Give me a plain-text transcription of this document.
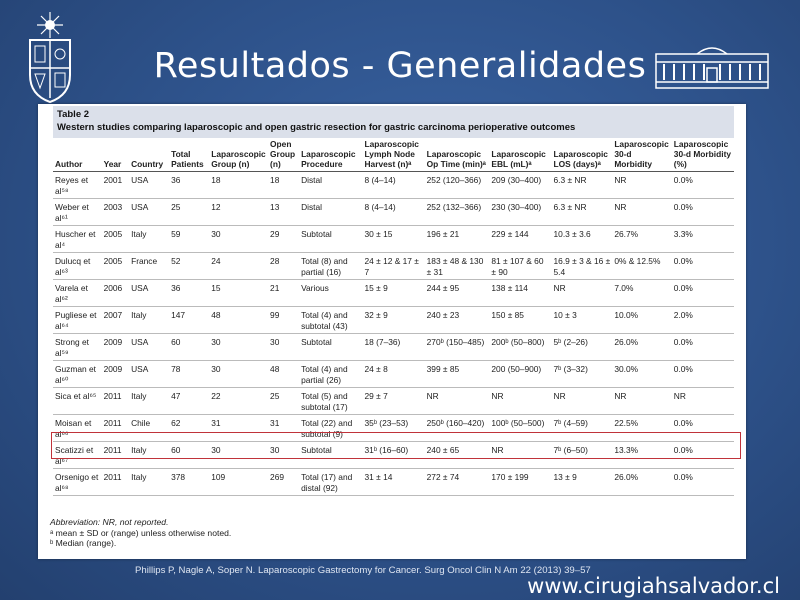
Resultados - Generalidades
Table 2
Western studies comparing laparoscopic and open gastric resection for gastric carcinoma perioperative outcomes
Author	Year	Country	Total Patients	Laparoscopic Group (n)	Open Group (n)	Laparoscopic Procedure	Laparoscopic Lymph Node Harvest (n)ᵃ	Laparoscopic Op Time (min)ᵃ	Laparoscopic EBL (mL)ᵃ	Laparoscopic LOS (days)ᵃ	Laparoscopic 30-d Morbidity	Laparoscopic 30-d Morbidity (%)
Reyes et al⁵⁸	2001	USA	36	18	18	Distal	8 (4–14)	252 (120–366)	209 (30–400)	6.3 ± NR	NR	0.0%
Weber et al⁶¹	2003	USA	25	12	13	Distal	8 (4–14)	252 (132–366)	230 (30–400)	6.3 ± NR	NR	0.0%
Huscher et al⁴	2005	Italy	59	30	29	Subtotal	30 ± 15	196 ± 21	229 ± 144	10.3 ± 3.6	26.7%	3.3%
Dulucq et al⁶³	2005	France	52	24	28	Total (8) and partial (16)	24 ± 12 & 17 ± 7	183 ± 48 & 130 ± 31	81 ± 107 & 60 ± 90	16.9 ± 3 & 16 ± 5.4	0% & 12.5%	0.0%
Varela et al⁶²	2006	USA	36	15	21	Various	15 ± 9	244 ± 95	138 ± 114	NR	7.0%	0.0%
Pugliese et al⁶⁴	2007	Italy	147	48	99	Total (4) and subtotal (43)	32 ± 9	240 ± 23	150 ± 85	10 ± 3	10.0%	2.0%
Strong et al⁵⁹	2009	USA	60	30	30	Subtotal	18 (7–36)	270ᵇ (150–485)	200ᵇ (50–800)	5ᵇ (2–26)	26.0%	0.0%
Guzman et al⁶⁰	2009	USA	78	30	48	Total (4) and partial (26)	24 ± 8	399 ± 85	200 (50–900)	7ᵇ (3–32)	30.0%	0.0%
Sica et al⁶⁵	2011	Italy	47	22	25	Total (5) and subtotal (17)	29 ± 7	NR	NR	NR	NR	NR
Moisan et al⁶⁶	2011	Chile	62	31	31	Total (22) and subtotal (9)	35ᵇ (23–53)	250ᵇ (160–420)	100ᵇ (50–500)	7ᵇ (4–59)	22.5%	0.0%
Scatizzi et al⁶⁷	2011	Italy	60	30	30	Subtotal	31ᵇ (16–60)	240 ± 65	NR	7ᵇ (6–50)	13.3%	0.0%
Orsenigo et al⁶⁸	2011	Italy	378	109	269	Total (17) and distal (92)	31 ± 14	272 ± 74	170 ± 199	13 ± 9	26.0%	0.0%
Abbreviation: NR, not reported.
ᵃ mean ± SD or (range) unless otherwise noted.
ᵇ Median (range).
Phillips P, Nagle A, Soper N. Laparoscopic Gastrectomy for Cancer. Surg Oncol Clin N Am 22 (2013) 39–57
www.cirugiahsalvador.cl
